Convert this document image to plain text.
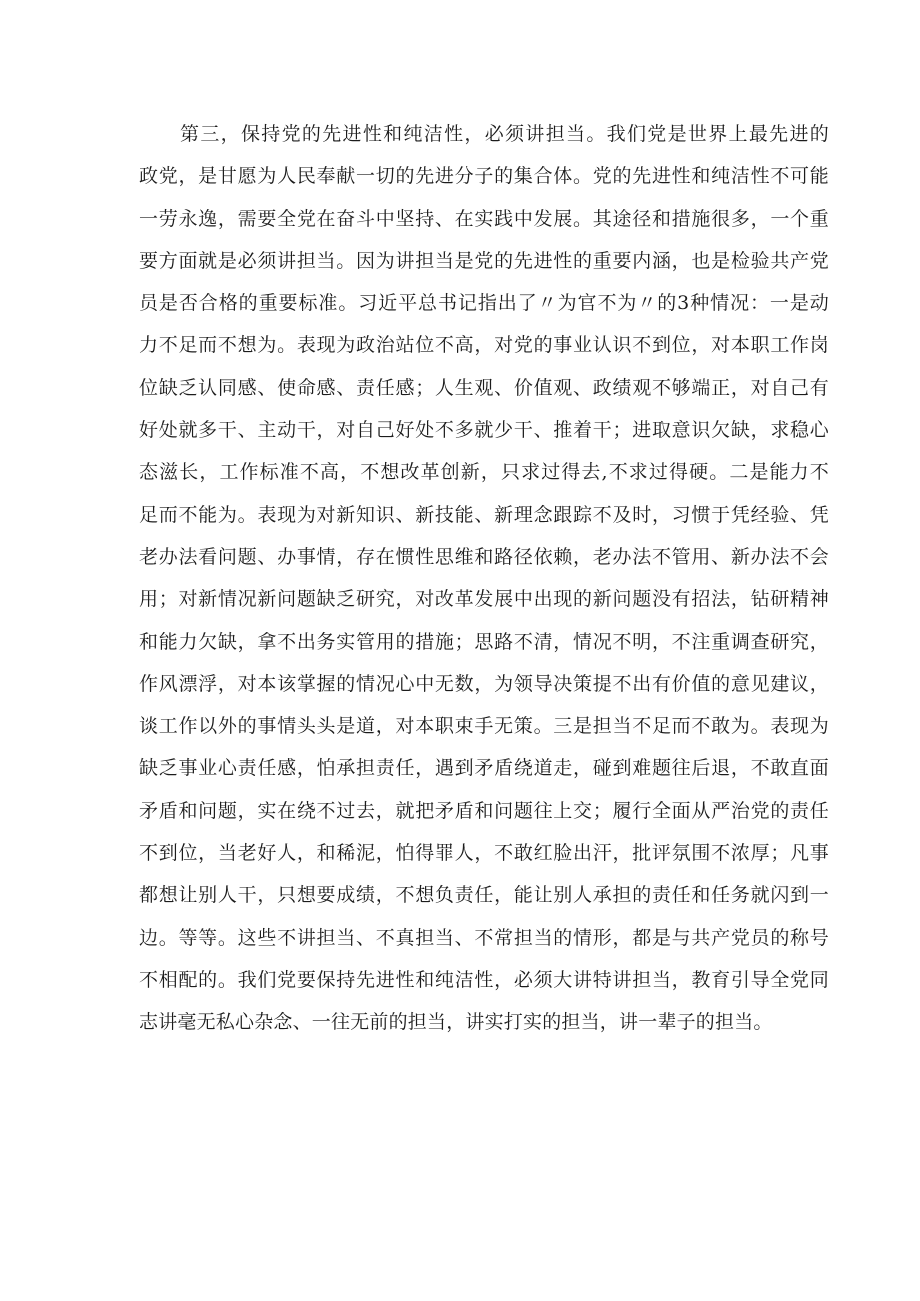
第三，保持党的先进性和纯洁性，必须讲担当。我们党是世界上最先进的
政党，是甘愿为人民奉献一切的先进分子的集合体。党的先进性和纯洁性不可能
一劳永逸，需要全党在奋斗中坚持、在实践中发展。其途径和措施很多，一个重
要方面就是必须讲担当。因为讲担当是党的先进性的重要内涵，也是检验共产党
员是否合格的重要标准。习近平总书记指出了〃为官不为〃的3种情况：一是动
力不足而不想为。表现为政治站位不高，对党的事业认识不到位，对本职工作岗
位缺乏认同感、使命感、责任感；人生观、价值观、政绩观不够端正，对自己有
好处就多干、主动干，对自己好处不多就少干、推着干；进取意识欠缺，求稳心
态滋长，工作标准不高，不想改革创新，只求过得去,不求过得硬。二是能力不
足而不能为。表现为对新知识、新技能、新理念跟踪不及时，习惯于凭经验、凭
老办法看问题、办事情，存在惯性思维和路径依赖，老办法不管用、新办法不会
用；对新情况新问题缺乏研究，对改革发展中出现的新问题没有招法，钻研精神
和能力欠缺，拿不出务实管用的措施；思路不清，情况不明，不注重调查研究，
作风漂浮，对本该掌握的情况心中无数，为领导决策提不出有价值的意见建议，
谈工作以外的事情头头是道，对本职束手无策。三是担当不足而不敢为。表现为
缺乏事业心责任感，怕承担责任，遇到矛盾绕道走，碰到难题往后退，不敢直面
矛盾和问题，实在绕不过去，就把矛盾和问题往上交；履行全面从严治党的责任
不到位，当老好人，和稀泥，怕得罪人，不敢红脸出汗，批评氛围不浓厚；凡事
都想让别人干，只想要成绩，不想负责任，能让别人承担的责任和任务就闪到一
边。等等。这些不讲担当、不真担当、不常担当的情形，都是与共产党员的称号
不相配的。我们党要保持先进性和纯洁性，必须大讲特讲担当，教育引导全党同
志讲毫无私心杂念、一往无前的担当，讲实打实的担当，讲一辈子的担当。
